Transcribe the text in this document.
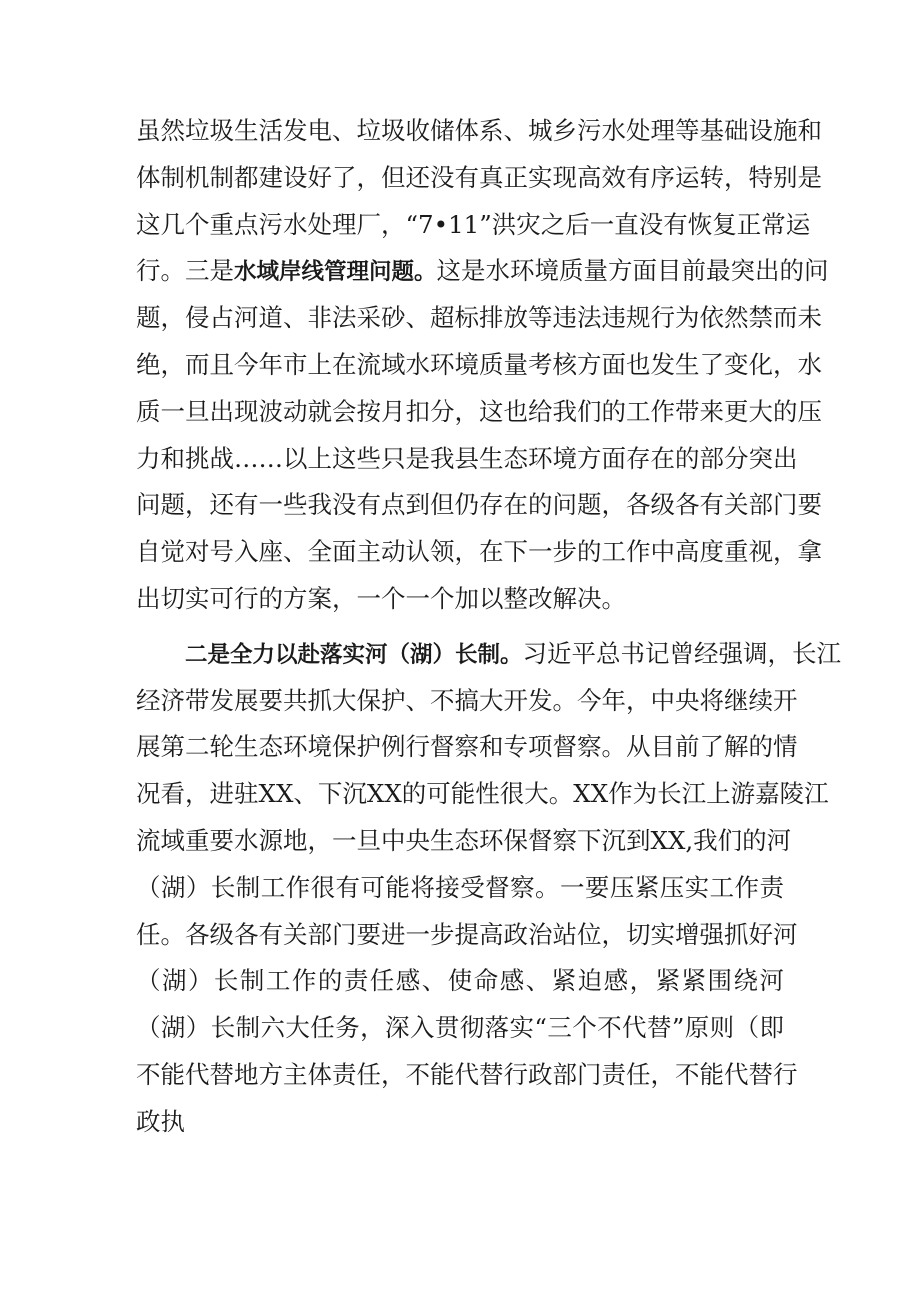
虽然垃圾生活发电、垃圾收储体系、城乡污水处理等基础设施和
体制机制都建设好了，但还没有真正实现高效有序运转，特别是
这几个重点污水处理厂，“7•11”洪灾之后一直没有恢复正常运
行。三是水域岸线管理问题。这是水环境质量方面目前最突出的问
题，侵占河道、非法采砂、超标排放等违法违规行为依然禁而未
绝，而且今年市上在流域水环境质量考核方面也发生了变化，水
质一旦出现波动就会按月扣分，这也给我们的工作带来更大的压
力和挑战……以上这些只是我县生态环境方面存在的部分突出
问题，还有一些我没有点到但仍存在的问题，各级各有关部门要
自觉对号入座、全面主动认领，在下一步的工作中高度重视，拿
出切实可行的方案，一个一个加以整改解决。
　　二是全力以赴落实河（湖）长制。习近平总书记曾经强调，长江
经济带发展要共抓大保护、不搞大开发。今年，中央将继续开
展第二轮生态环境保护例行督察和专项督察。从目前了解的情
况看，进驻XX、下沉XX的可能性很大。XX作为长江上游嘉陵江
流域重要水源地，一旦中央生态环保督察下沉到XX,我们的河
（湖）长制工作很有可能将接受督察。一要压紧压实工作责
任。各级各有关部门要进一步提高政治站位，切实增强抓好河
（湖）长制工作的责任感、使命感、紧迫感，紧紧围绕河
（湖）长制六大任务，深入贯彻落实“三个不代替”原则（即
不能代替地方主体责任，不能代替行政部门责任，不能代替行
政执
